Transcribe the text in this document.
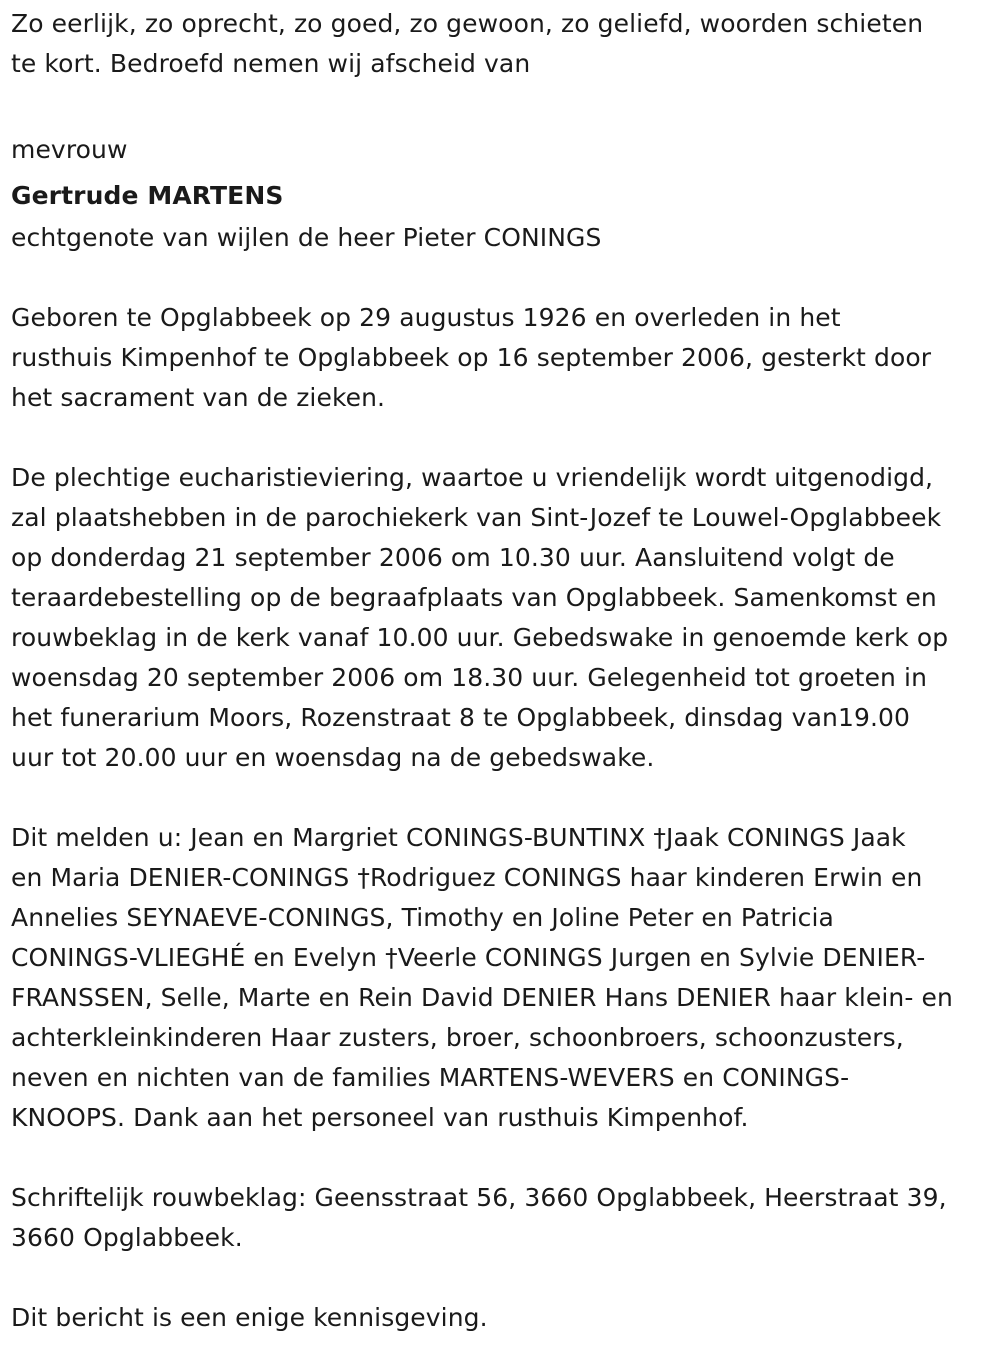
Zo eerlijk, zo oprecht, zo goed, zo gewoon, zo geliefd, woorden schieten
te kort. Bedroefd nemen wij afscheid van

mevrouw

Gertrude MARTENS

echtgenote van wijlen de heer Pieter CONINGS

Geboren te Opglabbeek op 29 augustus 1926 en overleden in het
rusthuis Kimpenhof te Opglabbeek op 16 september 2006, gesterkt door
het sacrament van de zieken.

De plechtige eucharistieviering, waartoe u vriendelijk wordt uitgenodigd,
zal plaatshebben in de parochiekerk van Sint-Jozef te Louwel-Opglabbeek
op donderdag 21 september 2006 om 10.30 uur. Aansluitend volgt de
teraardebestelling op de begraafplaats van Opglabbeek. Samenkomst en
rouwbeklag in de kerk vanaf 10.00 uur. Gebedswake in genoemde kerk op
woensdag 20 september 2006 om 18.30 uur. Gelegenheid tot groeten in
het funerarium Moors, Rozenstraat 8 te Opglabbeek, dinsdag van19.00
uur tot 20.00 uur en woensdag na de gebedswake.

Dit melden u: Jean en Margriet CONINGS-BUNTINX †Jaak CONINGS Jaak
en Maria DENIER-CONINGS †Rodriguez CONINGS haar kinderen Erwin en
Annelies SEYNAEVE-CONINGS, Timothy en Joline Peter en Patricia
CONINGS-VLIEGHÉ en Evelyn †Veerle CONINGS Jurgen en Sylvie DENIER-
FRANSSEN, Selle, Marte en Rein David DENIER Hans DENIER haar klein- en
achterkleinkinderen Haar zusters, broer, schoonbroers, schoonzusters,
neven en nichten van de families MARTENS-WEVERS en CONINGS-
KNOOPS. Dank aan het personeel van rusthuis Kimpenhof.

Schriftelijk rouwbeklag: Geensstraat 56, 3660 Opglabbeek, Heerstraat 39,
3660 Opglabbeek.

Dit bericht is een enige kennisgeving.
